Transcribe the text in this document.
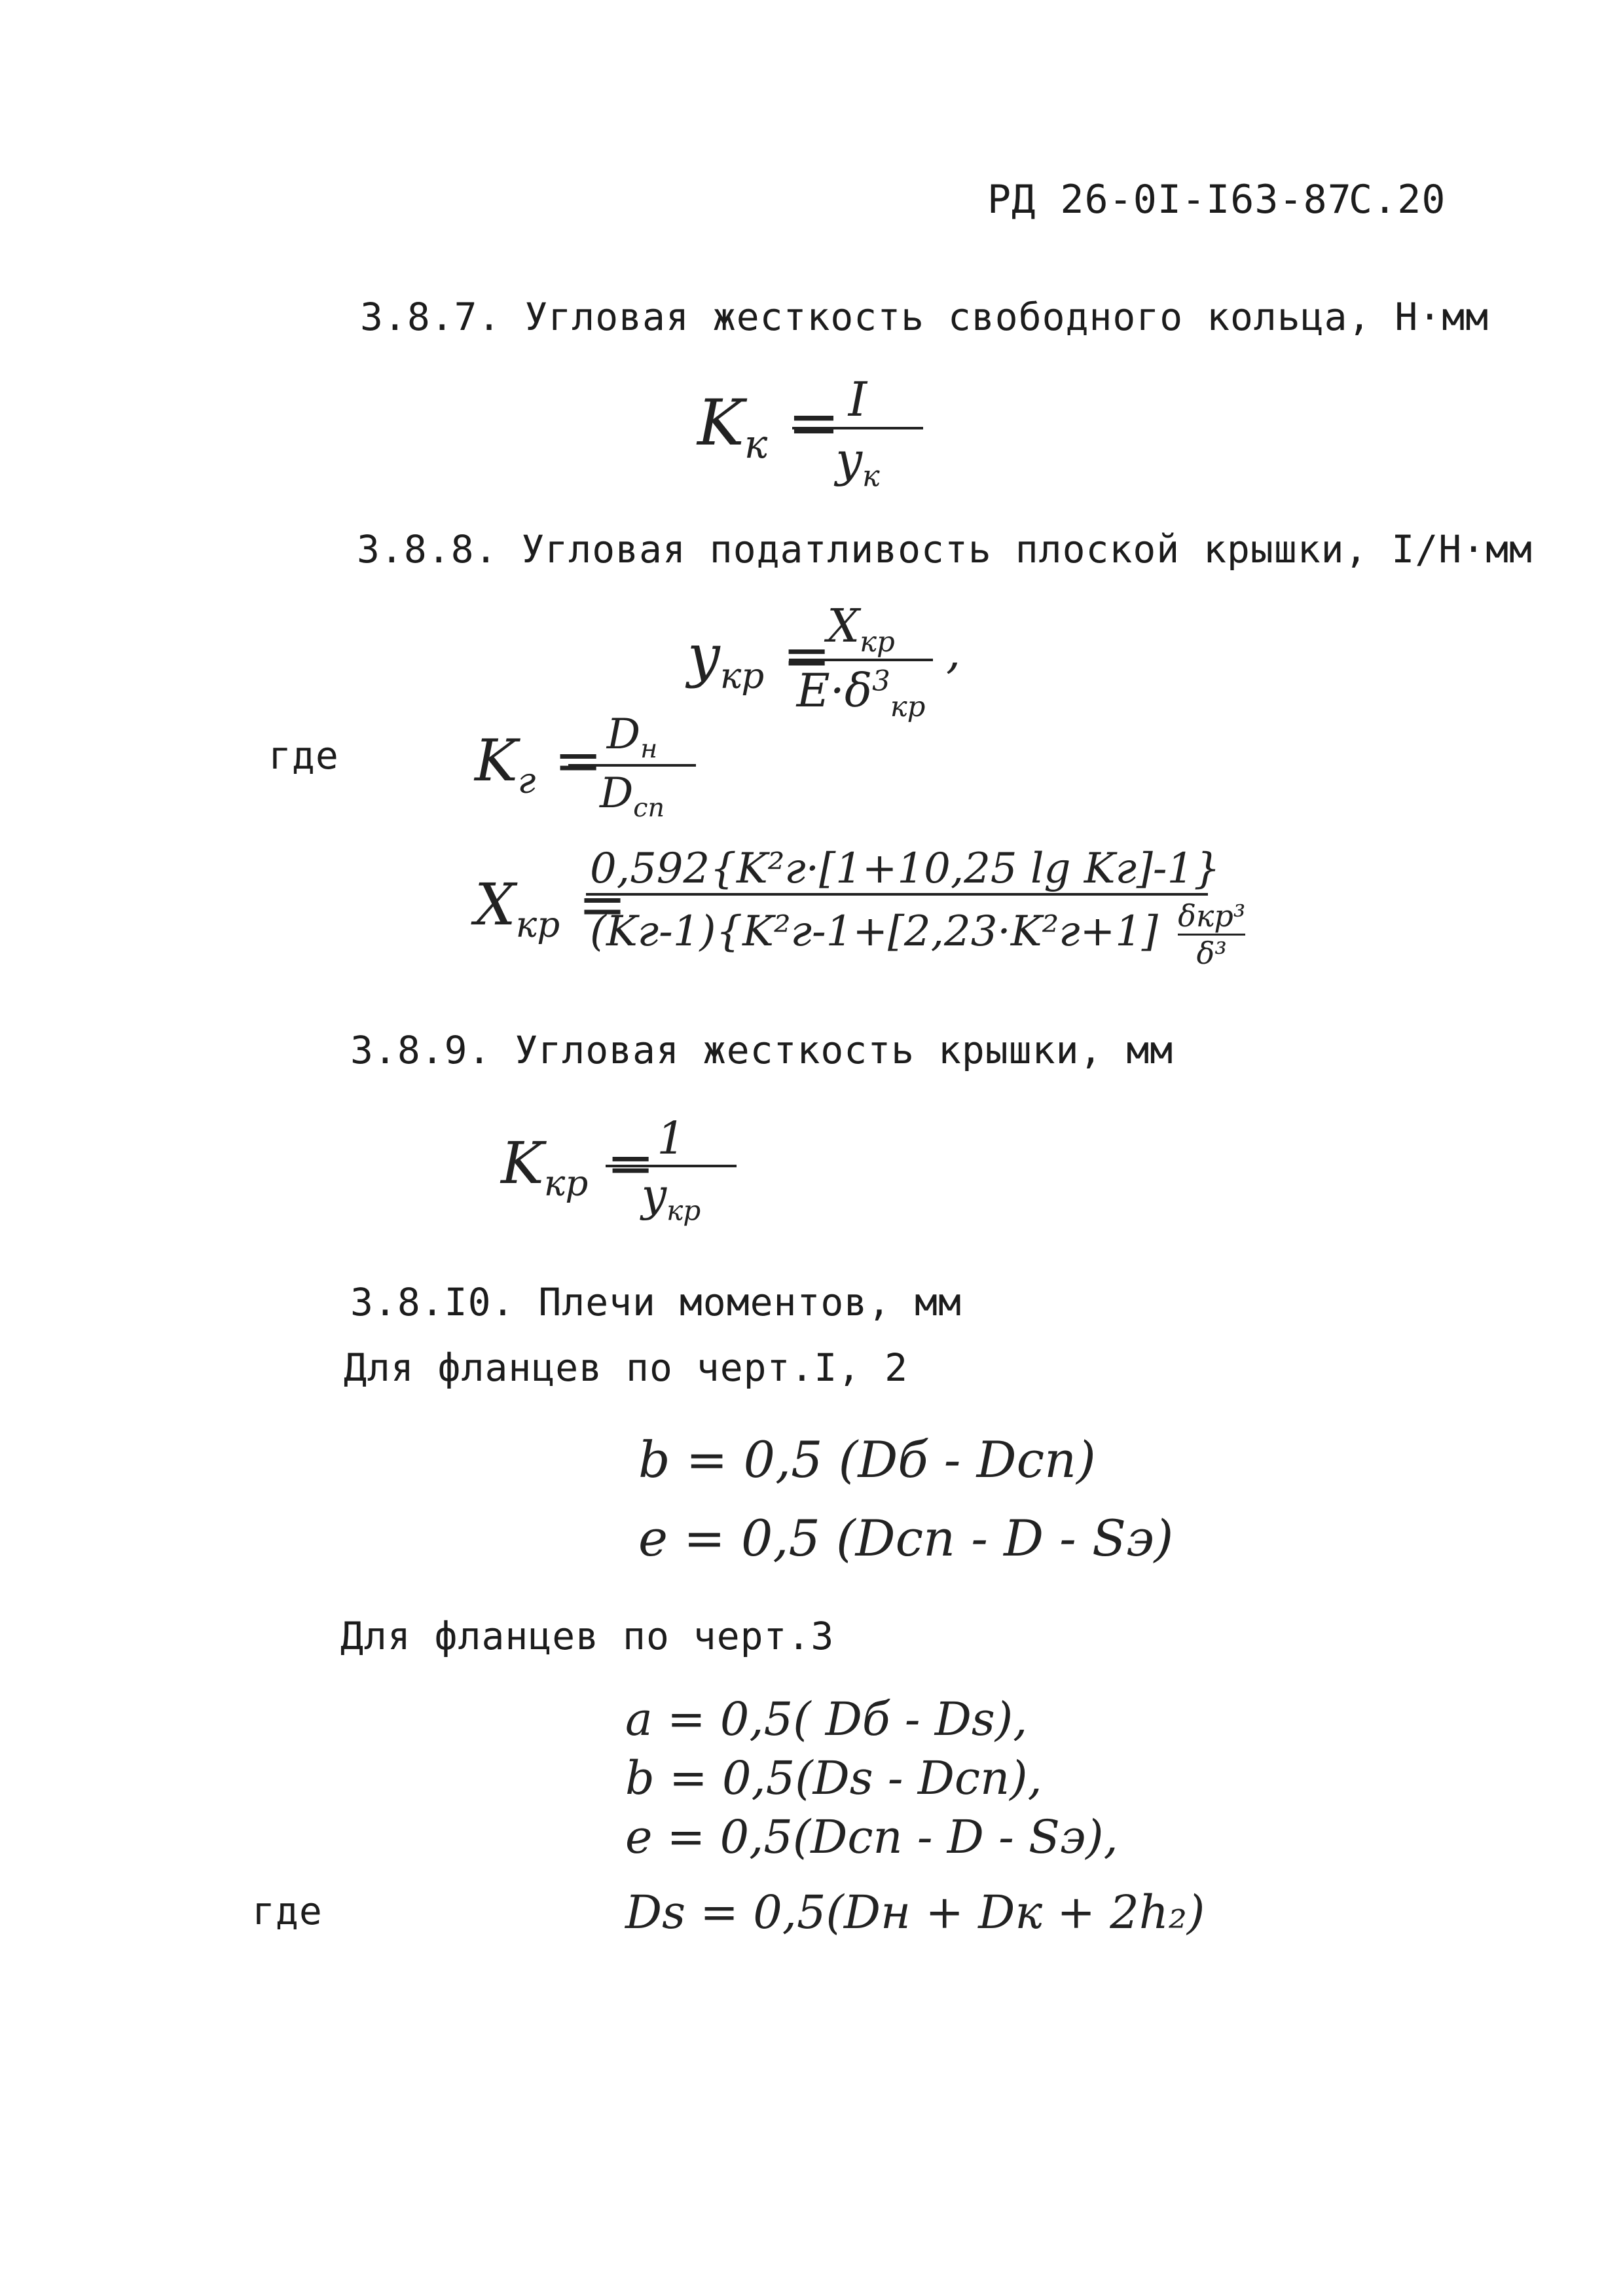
РД 26-0I-I63-87
С.20
3.8.7. Угловая жесткость свободного кольца, Н·мм
$K_к = I$
$y_к$
3.8.8. Угловая податливость плоской крышки, I/Н·мм
$y_{кр}$ =
$X_{кр}$
$E\cdot\delta^3_{кр}$
,
где $K_г = D_н$
$D_{сп}$
$X_{кр}$ =
0,592{K²г·[1+10,25 lg Kг]-1}
(Kг-1){K²г-1+[2,23·K²г+1] δкр³
δ³
3.8.9. Угловая жесткость крышки, мм
$K_{кр} = 1$
$y_{кр}$
3.8.I0. Плечи моментов, мм
Для фланцев по черт.I, 2
b = 0,5 (Dб - Dсп)
e = 0,5 (Dсп - D - Sэ)
Для фланцев по черт.3
a = 0,5( Dб - Ds),
b = 0,5(Ds - Dсп),
e = 0,5(Dсп - D - Sэ),
где	Ds = 0,5(Dн + Dк + 2h₂)
